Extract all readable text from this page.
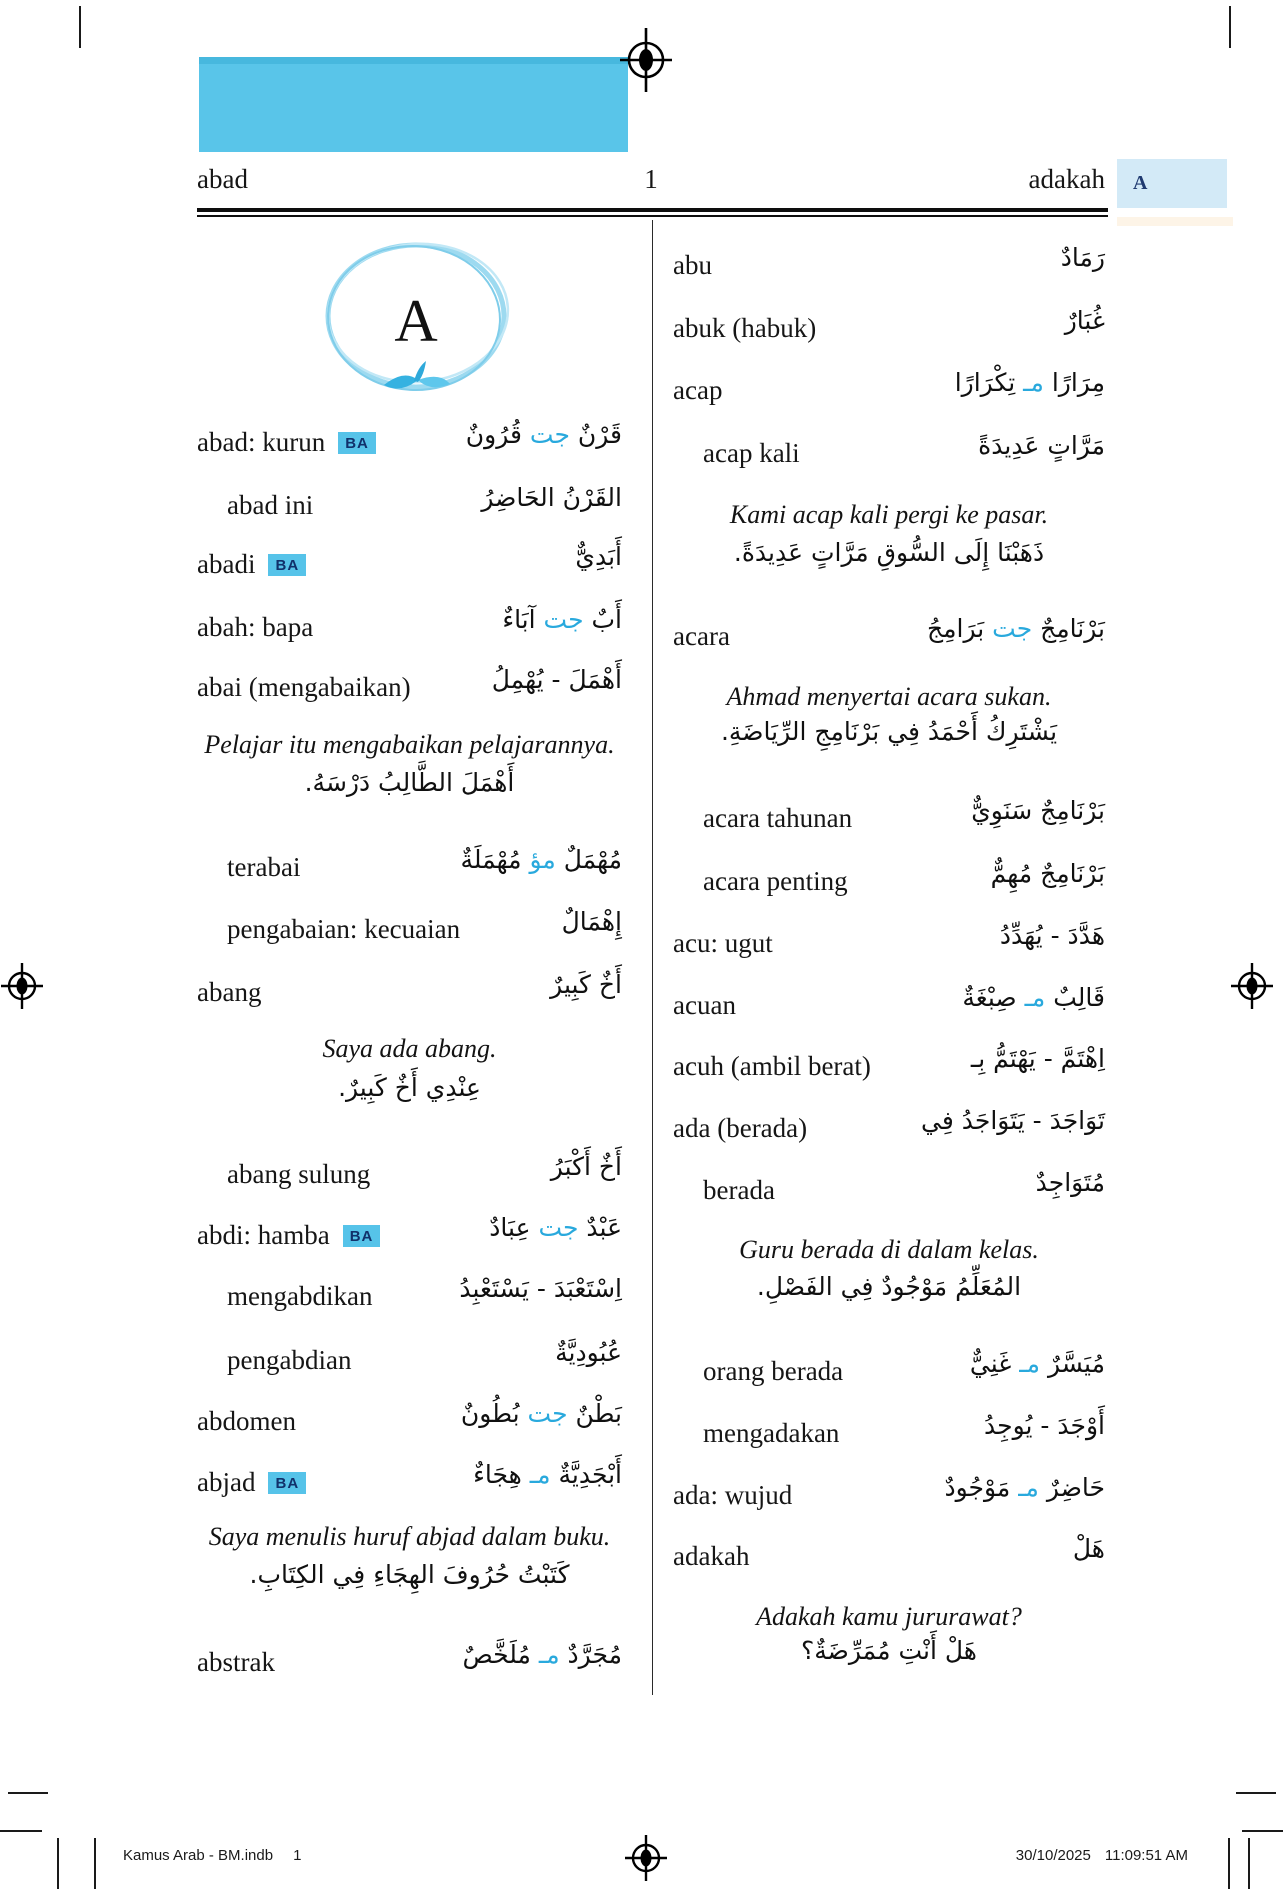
abad	1	adakah	A
A
abad: kurun BA	قَرْنٌ جت قُرُونٌ
abad ini	القَرْنُ الحَاضِرُ
abadi BA	أَبَدِيٌّ
abah: bapa	أَبٌ جت آبَاءٌ
abai (mengabaikan)	أَهْمَلَ - يُهْمِلُ
Pelajar itu mengabaikan pelajarannya.
أَهْمَلَ الطَّالِبُ دَرْسَهُ.
terabai	مُهْمَلٌ مؤ مُهْمَلَةٌ
pengabaian: kecuaian	إِهْمَالٌ
abang	أَخٌ كَبِيرٌ
Saya ada abang.
عِنْدِي أَخٌ كَبِيرٌ.
abang sulung	أَخٌ أَكْبَرُ
abdi: hamba BA	عَبْدٌ جت عِبَادٌ
mengabdikan	اِسْتَعْبَدَ - يَسْتَعْبِدُ
pengabdian	عُبُودِيَّةٌ
abdomen	بَطْنٌ جت بُطُونٌ
abjad BA	أَبْجَدِيَّةٌ مـ هِجَاءٌ
Saya menulis huruf abjad dalam buku.
كَتَبْتُ حُرُوفَ الهِجَاءِ فِي الكِتَابِ.
abstrak	مُجَرَّدٌ مـ مُلَخَّصٌ
abu	رَمَادٌ
abuk (habuk)	غُبَارٌ
acap	مِرَارًا مـ تِكْرَارًا
acap kali	مَرَّاتٍ عَدِيدَةً
Kami acap kali pergi ke pasar.
ذَهَبْنَا إِلَى السُّوقِ مَرَّاتٍ عَدِيدَةً.
acara	بَرْنَامِجٌ جت بَرَامِجُ
Ahmad menyertai acara sukan.
يَشْتَرِكُ أَحْمَدُ فِي بَرْنَامِجِ الرِّيَاضَةِ.
acara tahunan	بَرْنَامِجٌ سَنَوِيٌّ
acara penting	بَرْنَامِجٌ مُهِمٌّ
acu: ugut	هَدَّدَ - يُهَدِّدُ
acuan	قَالِبٌ مـ صِبْغَةٌ
acuh (ambil berat)	اِهْتَمَّ - يَهْتَمُّ بِـ
ada (berada)	تَوَاجَدَ - يَتَوَاجَدُ فِي
berada	مُتَوَاجِدٌ
Guru berada di dalam kelas.
المُعَلِّمُ مَوْجُودٌ فِي الفَصْلِ.
orang berada	مُيَسَّرٌ مـ غَنِيٌّ
mengadakan	أَوْجَدَ - يُوجِدُ
ada: wujud	حَاضِرٌ مـ مَوْجُودٌ
adakah	هَلْ
Adakah kamu jururawat?
هَلْ أَنْتِ مُمَرِّضَةٌ؟
Kamus Arab - BM.indb 1	30/10/2025 11:09:51 AM
